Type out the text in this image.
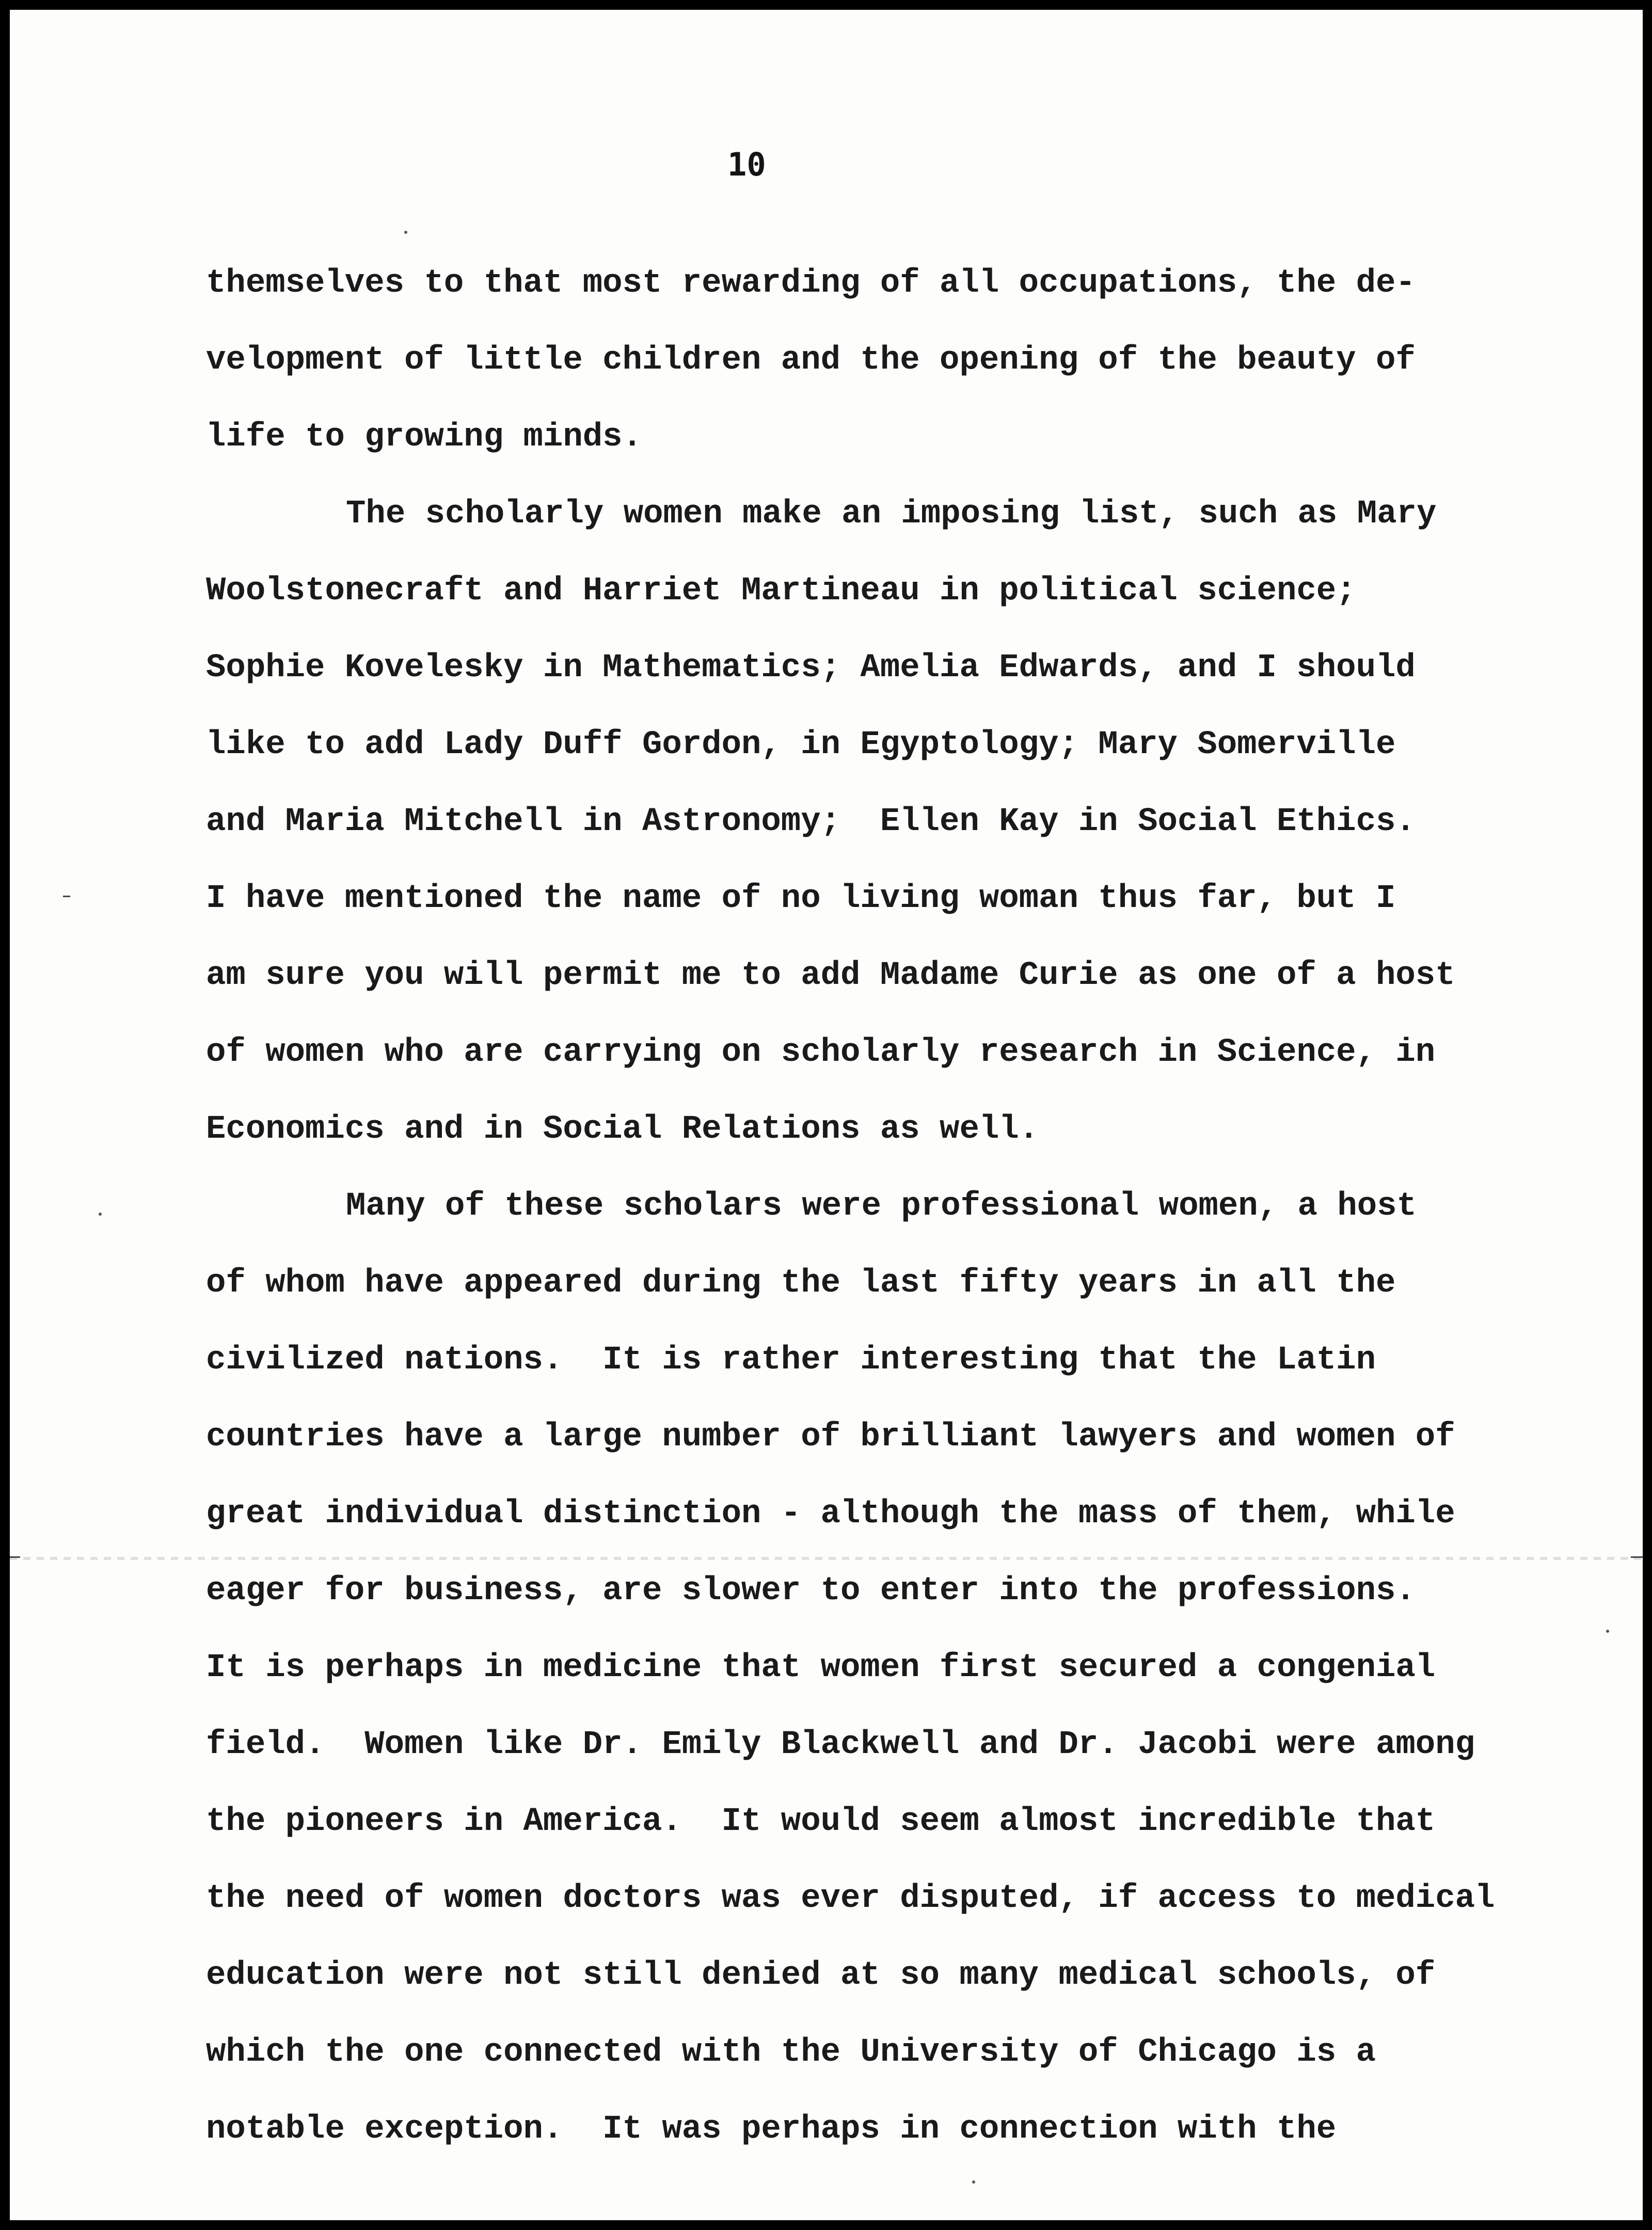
10
themselves to that most rewarding of all occupations, the de-
velopment of little children and the opening of the beauty of
life to growing minds.
The scholarly women make an imposing list, such as Mary
Woolstonecraft and Harriet Martineau in political science;
Sophie Kovelesky in Mathematics; Amelia Edwards, and I should
like to add Lady Duff Gordon, in Egyptology; Mary Somerville
and Maria Mitchell in Astronomy;  Ellen Kay in Social Ethics.
I have mentioned the name of no living woman thus far, but I
am sure you will permit me to add Madame Curie as one of a host
of women who are carrying on scholarly research in Science, in
Economics and in Social Relations as well.
Many of these scholars were professional women, a host
of whom have appeared during the last fifty years in all the
civilized nations.  It is rather interesting that the Latin
countries have a large number of brilliant lawyers and women of
great individual distinction - although the mass of them, while
eager for business, are slower to enter into the professions.
It is perhaps in medicine that women first secured a congenial
field.  Women like Dr. Emily Blackwell and Dr. Jacobi were among
the pioneers in America.  It would seem almost incredible that
the need of women doctors was ever disputed, if access to medical
education were not still denied at so many medical schools, of
which the one connected with the University of Chicago is a
notable exception.  It was perhaps in connection with the
